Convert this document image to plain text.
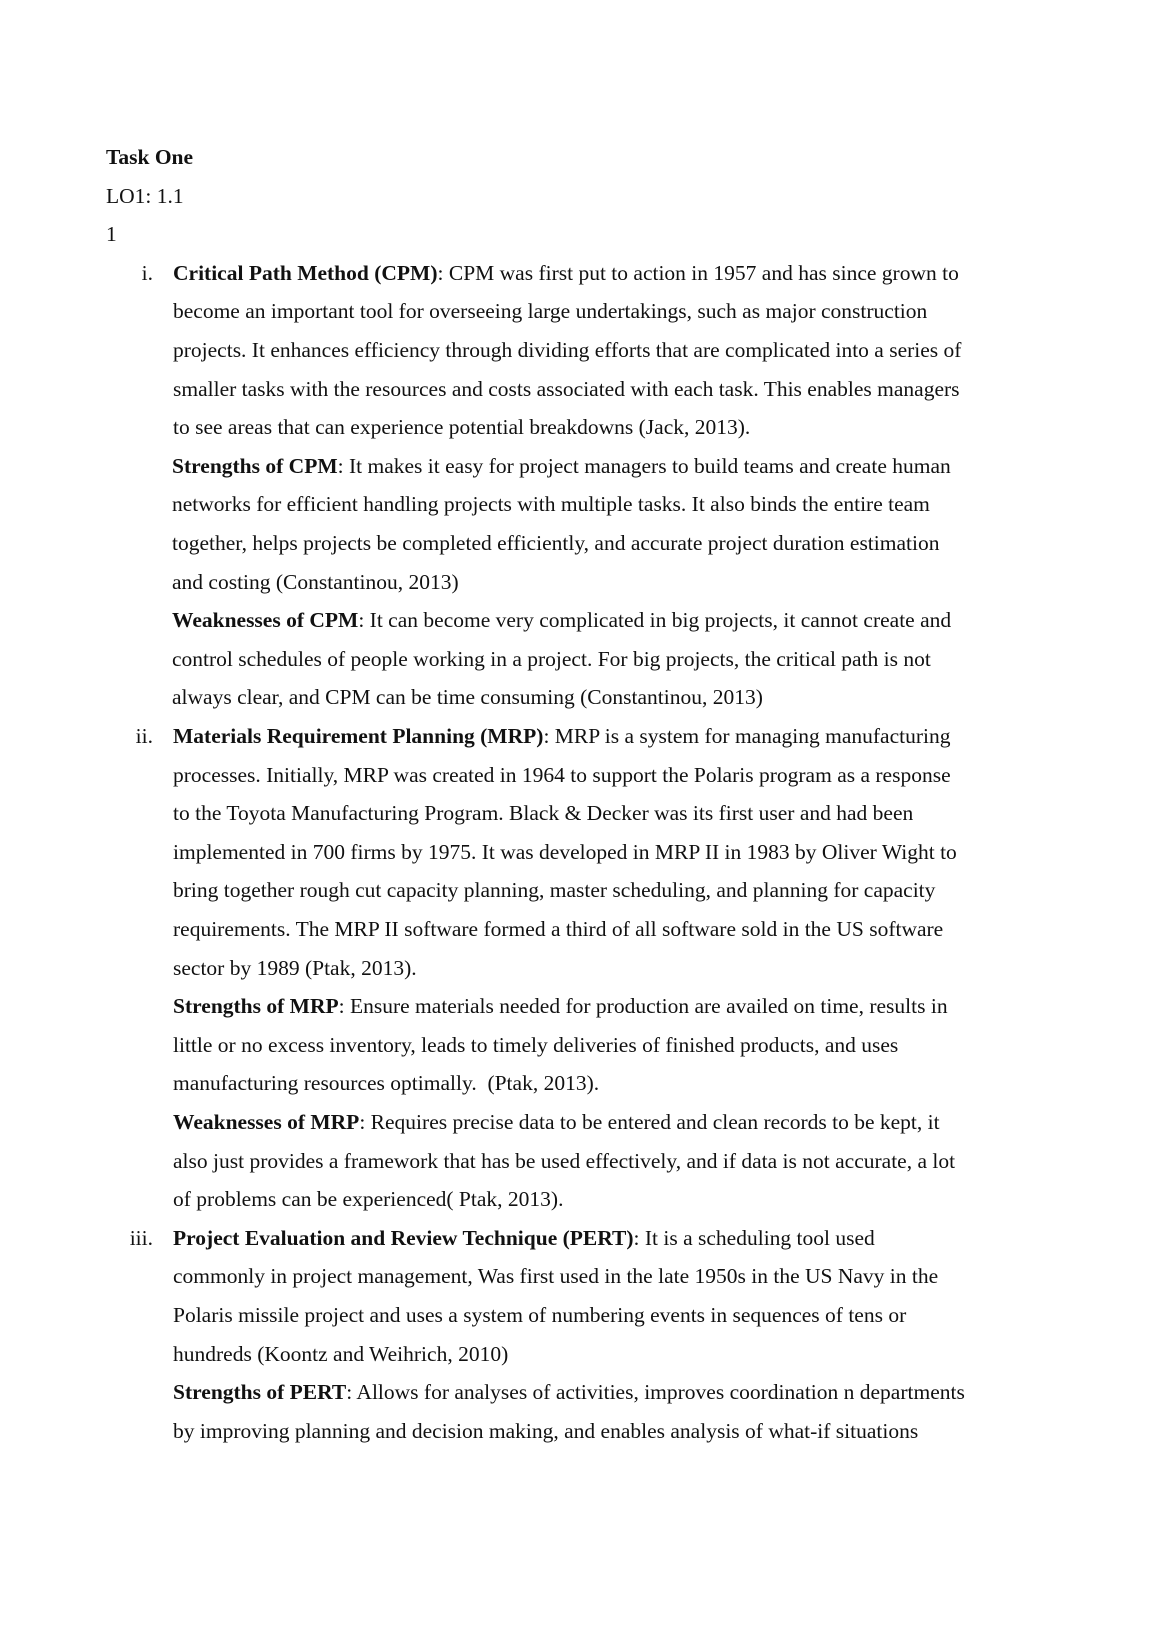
Task One
LO1: 1.1
1
i. Critical Path Method (CPM): CPM was first put to action in 1957 and has since grown to
become an important tool for overseeing large undertakings, such as major construction
projects. It enhances efficiency through dividing efforts that are complicated into a series of
smaller tasks with the resources and costs associated with each task. This enables managers
to see areas that can experience potential breakdowns (Jack, 2013).
Strengths of CPM: It makes it easy for project managers to build teams and create human
networks for efficient handling projects with multiple tasks. It also binds the entire team
together, helps projects be completed efficiently, and accurate project duration estimation
and costing (Constantinou, 2013)
Weaknesses of CPM: It can become very complicated in big projects, it cannot create and
control schedules of people working in a project. For big projects, the critical path is not
always clear, and CPM can be time consuming (Constantinou, 2013)
ii. Materials Requirement Planning (MRP): MRP is a system for managing manufacturing
processes. Initially, MRP was created in 1964 to support the Polaris program as a response
to the Toyota Manufacturing Program. Black & Decker was its first user and had been
implemented in 700 firms by 1975. It was developed in MRP II in 1983 by Oliver Wight to
bring together rough cut capacity planning, master scheduling, and planning for capacity
requirements. The MRP II software formed a third of all software sold in the US software
sector by 1989 (Ptak, 2013).
Strengths of MRP: Ensure materials needed for production are availed on time, results in
little or no excess inventory, leads to timely deliveries of finished products, and uses
manufacturing resources optimally.  (Ptak, 2013).
Weaknesses of MRP: Requires precise data to be entered and clean records to be kept, it
also just provides a framework that has be used effectively, and if data is not accurate, a lot
of problems can be experienced( Ptak, 2013).
iii. Project Evaluation and Review Technique (PERT): It is a scheduling tool used
commonly in project management, Was first used in the late 1950s in the US Navy in the
Polaris missile project and uses a system of numbering events in sequences of tens or
hundreds (Koontz and Weihrich, 2010)
Strengths of PERT: Allows for analyses of activities, improves coordination n departments
by improving planning and decision making, and enables analysis of what-if situations
